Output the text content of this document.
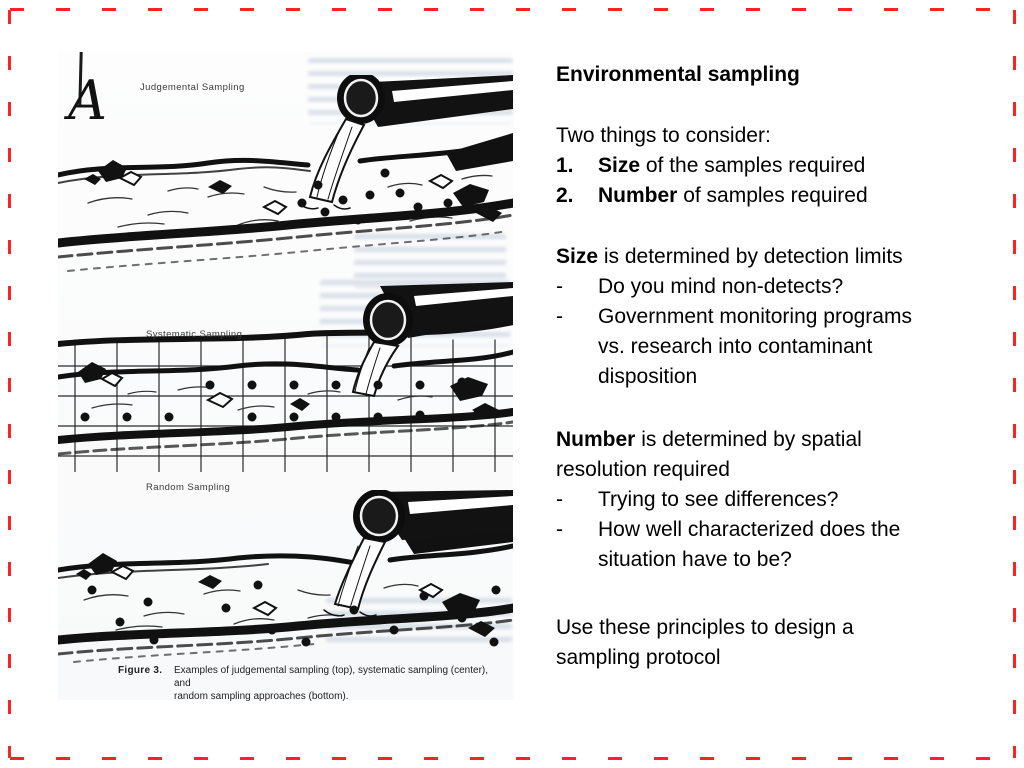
A	Judgemental Sampling
Systematic Sampling
Random Sampling
Figure 3.	Examples of judgemental sampling (top), systematic sampling (center), and
random sampling approaches (bottom).
Environmental sampling
Two things to consider:
1.	Size of the samples required
2.	Number of samples required
Size is determined by detection limits
-	Do you mind non-detects?
-	Government monitoring programs
vs. research into contaminant
disposition
Number is determined by spatial
resolution required
-	Trying to see differences?
-	How well characterized does the
situation have to be?
Use these principles to design a
sampling protocol
